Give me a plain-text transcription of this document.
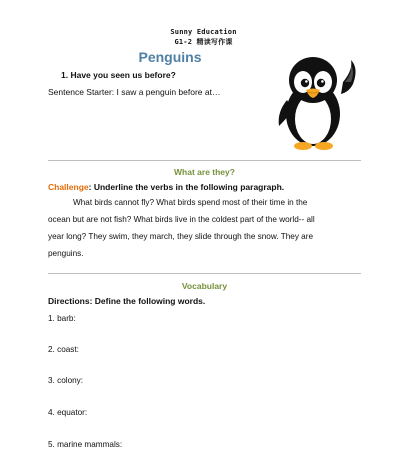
Sunny Education
G1-2 精读写作课
Penguins
1. Have you seen us before?
Sentence Starter: I saw a penguin before at…
What are they?
Challenge: Underline the verbs in the following paragraph.
What birds cannot fly? What birds spend most of their time in the
ocean but are not fish? What birds live in the coldest part of the world-- all
year long? They swim, they march, they slide through the snow. They are
penguins.
Vocabulary
Directions: Define the following words.
1. barb:
2. coast:
3. colony:
4. equator:
5. marine mammals:
